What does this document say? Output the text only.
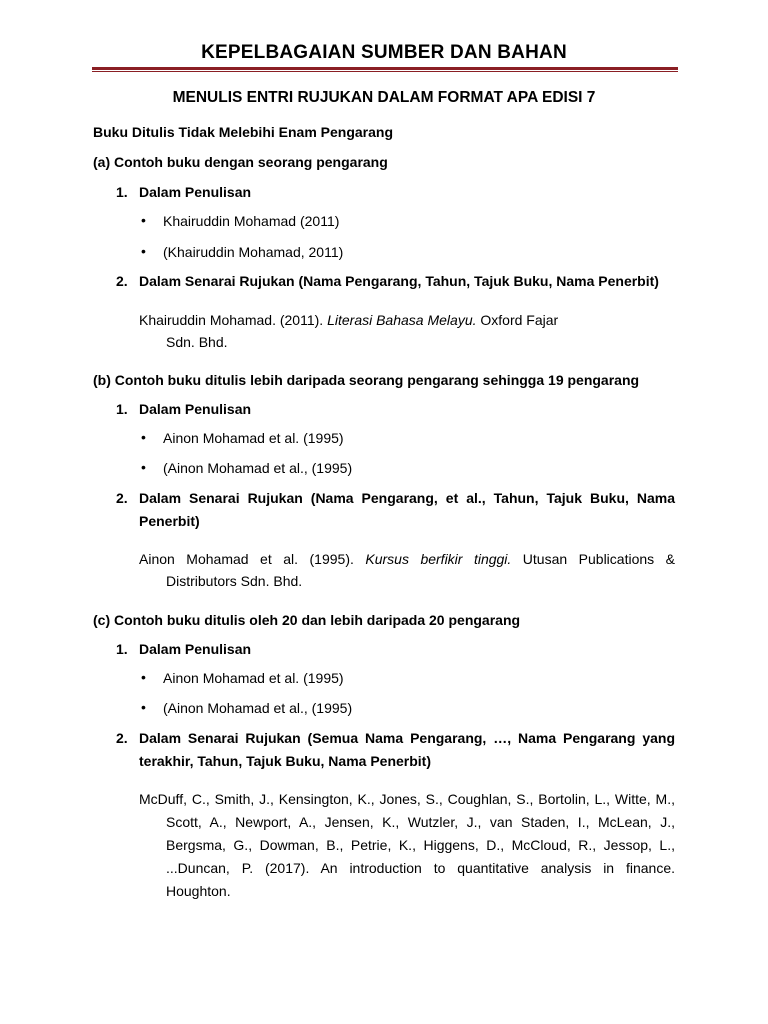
KEPELBAGAIAN SUMBER DAN BAHAN
MENULIS ENTRI RUJUKAN DALAM FORMAT APA EDISI 7
Buku Ditulis Tidak Melebihi Enam Pengarang
(a) Contoh buku dengan seorang pengarang
1. Dalam Penulisan
• Khairuddin Mohamad (2011)
• (Khairuddin Mohamad, 2011)
2. Dalam Senarai Rujukan (Nama Pengarang, Tahun, Tajuk Buku, Nama Penerbit)
Khairuddin Mohamad. (2011). Literasi Bahasa Melayu. Oxford Fajar
Sdn. Bhd.
(b) Contoh buku ditulis lebih daripada seorang pengarang sehingga 19 pengarang
1. Dalam Penulisan
• Ainon Mohamad et al. (1995)
• (Ainon Mohamad et al., (1995)
2. Dalam Senarai Rujukan (Nama Pengarang, et al., Tahun, Tajuk Buku, Nama
Penerbit)
Ainon Mohamad et al. (1995). Kursus berfikir tinggi. Utusan Publications &
Distributors Sdn. Bhd.
(c) Contoh buku ditulis oleh 20 dan lebih daripada 20 pengarang
1. Dalam Penulisan
• Ainon Mohamad et al. (1995)
• (Ainon Mohamad et al., (1995)
2. Dalam Senarai Rujukan (Semua Nama Pengarang, …, Nama Pengarang yang
terakhir, Tahun, Tajuk Buku, Nama Penerbit)
McDuff, C., Smith, J., Kensington, K., Jones, S., Coughlan, S., Bortolin, L., Witte, M.,
Scott, A., Newport, A., Jensen, K., Wutzler, J., van Staden, I., McLean, J.,
Bergsma, G., Dowman, B., Petrie, K., Higgens, D., McCloud, R., Jessop, L.,
...Duncan, P. (2017). An introduction to quantitative analysis in finance.
Houghton.
